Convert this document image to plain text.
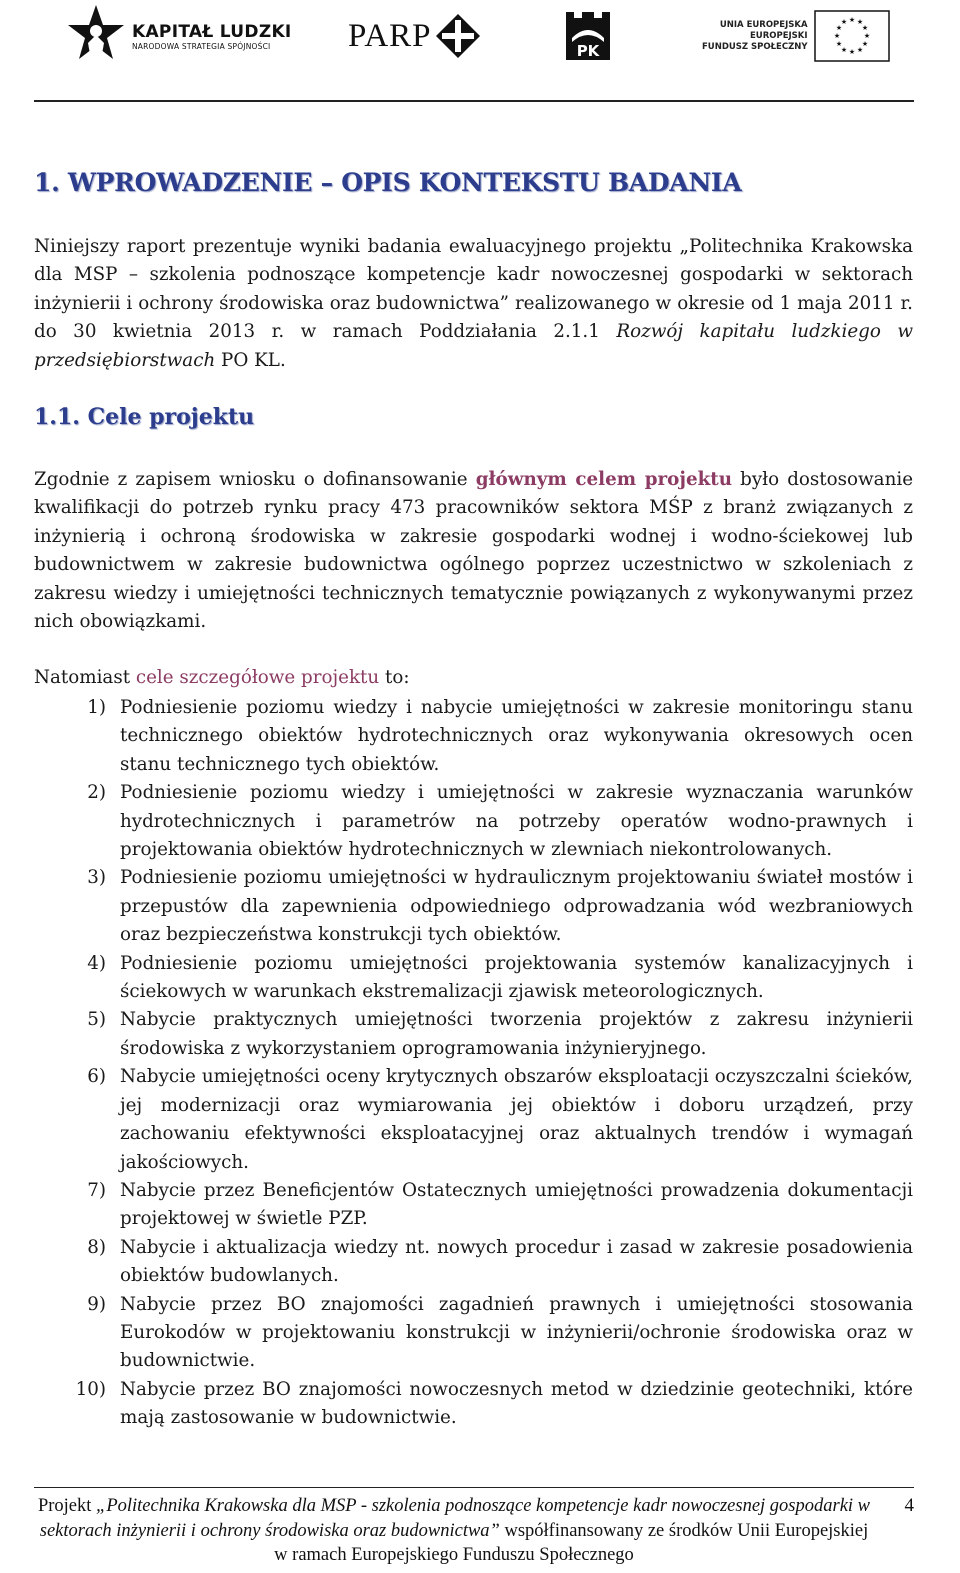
KAPITAŁ LUDZKI
NARODOWA STRATEGIA SPÓJNOŚCI	PARP	PK
UNIA EUROPEJSKA
EUROPEJSKI
FUNDUSZ SPOŁECZNY
★ ★
★
★
★
★
★
★
★
★
★
★
1. WPROWADZENIE – OPIS KONTEKSTU BADANIA

Niniejszy raport prezentuje wyniki badania ewaluacyjnego projektu „Politechnika Krakowska dla MSP – szkolenia podnoszące kompetencje kadr nowoczesnej gospodarki w sektorach inżynierii i ochrony środowiska oraz budownictwa” realizowanego w okresie od 1 maja 2011 r. do 30 kwietnia 2013 r. w ramach Poddziałania 2.1.1 Rozwój kapitału ludzkiego w przedsiębiorstwach PO KL.

1.1. Cele projektu

Zgodnie z zapisem wniosku o dofinansowanie głównym celem projektu było dostosowanie kwalifikacji do potrzeb rynku pracy 473 pracowników sektora MŚP z branż związanych z inżynierią i ochroną środowiska w zakresie gospodarki wodnej i wodno-ściekowej lub budownictwem w zakresie budownictwa ogólnego poprzez uczestnictwo w szkoleniach z zakresu wiedzy i umiejętności technicznych tematycznie powiązanych z wykonywanymi przez nich obowiązkami.

Natomiast cele szczegółowe projektu to:

1) Podniesienie poziomu wiedzy i nabycie umiejętności w zakresie monitoringu stanu technicznego obiektów hydrotechnicznych oraz wykonywania okresowych ocen stanu technicznego tych obiektów.
2) Podniesienie poziomu wiedzy i umiejętności w zakresie wyznaczania warunków hydrotechnicznych i parametrów na potrzeby operatów wodno-prawnych i projektowania obiektów hydrotechnicznych w zlewniach niekontrolowanych.
3) Podniesienie poziomu umiejętności w hydraulicznym projektowaniu świateł mostów i przepustów dla zapewnienia odpowiedniego odprowadzania wód wezbraniowych oraz bezpieczeństwa konstrukcji tych obiektów.
4) Podniesienie poziomu umiejętności projektowania systemów kanalizacyjnych i ściekowych w warunkach ekstremalizacji zjawisk meteorologicznych.
5) Nabycie praktycznych umiejętności tworzenia projektów z zakresu inżynierii środowiska z wykorzystaniem oprogramowania inżynieryjnego.
6) Nabycie umiejętności oceny krytycznych obszarów eksploatacji oczyszczalni ścieków, jej modernizacji oraz wymiarowania jej obiektów i doboru urządzeń, przy zachowaniu efektywności eksploatacyjnej oraz aktualnych trendów i wymagań jakościowych.
7) Nabycie przez Beneficjentów Ostatecznych umiejętności prowadzenia dokumentacji projektowej w świetle PZP.
8) Nabycie i aktualizacja wiedzy nt. nowych procedur i zasad w zakresie posadowienia obiektów budowlanych.
9) Nabycie przez BO znajomości zagadnień prawnych i umiejętności stosowania Eurokodów w projektowaniu konstrukcji w inżynierii/ochronie środowiska oraz w budownictwie.
10) Nabycie przez BO znajomości nowoczesnych metod w dziedzinie geotechniki, które mają zastosowanie w budownictwie.
Projekt „Politechnika Krakowska dla MSP - szkolenia podnoszące kompetencje kadr nowoczesnej gospodarki w sektorach inżynierii i ochrony środowiska oraz budownictwa” współfinansowany ze środków Unii Europejskiej w ramach Europejskiego Funduszu Społecznego
4
